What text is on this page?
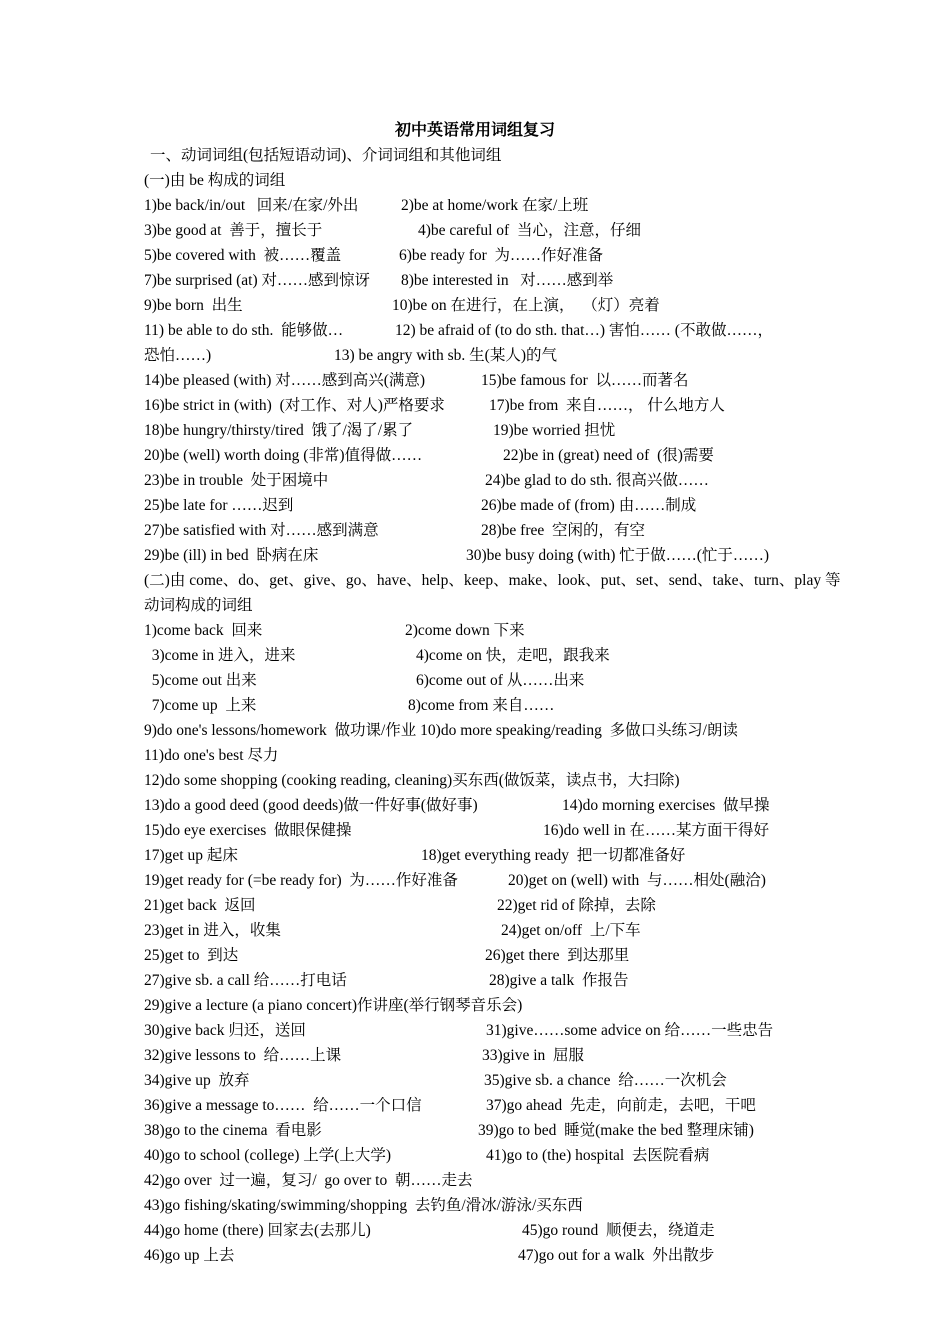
初中英语常用词组复习
一、动词词组(包括短语动词)、介词词组和其他词组
(一)由 be 构成的词组
1)be back/in/out   回来/在家/外出	2)be at home/work 在家/上班
3)be good at  善于，擅长于	4)be careful of  当心，注意，仔细
5)be covered with  被……覆盖	6)be ready for  为……作好准备
7)be surprised (at) 对……感到惊讶 8)be interested in   对……感到举
9)be born  出生	10)be on 在进行，在上演，  （灯）亮着
11) be able to do sth.  能够做…	12) be afraid of (to do sth. that…) 害怕…… (不敢做……，
恐怕……)	13) be angry with sb. 生(某人)的气
14)be pleased (with) 对……感到高兴(满意)	15)be famous for  以……而著名
16)be strict in (with)  (对工作、对人)严格要求	17)be from  来自……， 什么地方人
18)be hungry/thirsty/tired  饿了/渴了/累了	19)be worried 担忧
20)be (well) worth doing (非常)值得做……	22)be in (great) need of  (很)需要
23)be in trouble  处于困境中	24)be glad to do sth. 很高兴做……
25)be late for ……迟到	26)be made of (from) 由……制成
27)be satisfied with 对……感到满意	28)be free  空闲的，有空
29)be (ill) in bed  卧病在床	30)be busy doing (with) 忙于做……(忙于……)
(二)由 come、do、get、give、go、have、help、keep、make、look、put、set、send、take、turn、play 等
动词构成的词组
1)come back  回来	2)come down 下来
3)come in 进入，进来	4)come on 快，走吧，跟我来
5)come out 出来	6)come out of 从……出来
7)come up  上来	8)come from 来自……
9)do one's lessons/homework  做功课/作业 10)do more speaking/reading  多做口头练习/朗读
11)do one's best 尽力
12)do some shopping (cooking reading, cleaning)买东西(做饭菜，读点书，大扫除)
13)do a good deed (good deeds)做一件好事(做好事)	14)do morning exercises  做早操
15)do eye exercises  做眼保健操	16)do well in 在……某方面干得好
17)get up 起床	18)get everything ready  把一切都准备好
19)get ready for (=be ready for)  为……作好准备	20)get on (well) with  与……相处(融洽)
21)get back  返回	22)get rid of 除掉，去除
23)get in 进入，收集	24)get on/off  上/下车
25)get to  到达	26)get there  到达那里
27)give sb. a call 给……打电话	28)give a talk  作报告
29)give a lecture (a piano concert)作讲座(举行钢琴音乐会)
30)give back 归还，送回	31)give……some advice on 给……一些忠告
32)give lessons to  给……上课	33)give in  屈服
34)give up  放弃	35)give sb. a chance  给……一次机会
36)give a message to……  给……一个口信	37)go ahead  先走，向前走，去吧，干吧
38)go to the cinema  看电影	39)go to bed  睡觉(make the bed 整理床铺)
40)go to school (college) 上学(上大学)	41)go to (the) hospital  去医院看病
42)go over  过一遍，复习/  go over to  朝……走去
43)go fishing/skating/swimming/shopping  去钓鱼/滑冰/游泳/买东西
44)go home (there) 回家去(去那儿)	45)go round  顺便去，绕道走
46)go up 上去	47)go out for a walk  外出散步
